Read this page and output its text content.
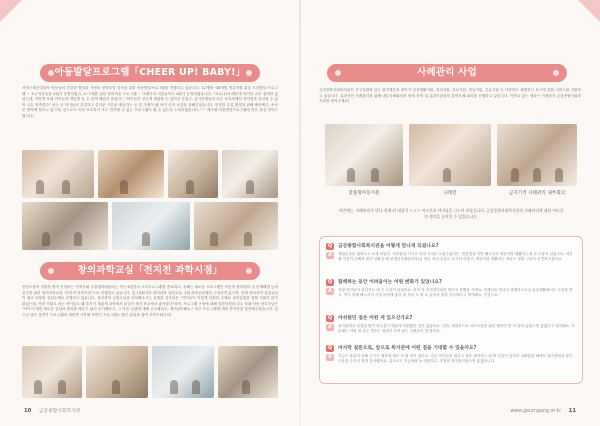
아동발달프로그램「CHEER UP! BABY!」
서비스제공대상자 아동들의 건강한 발달과 가정의 양육부담 감소를 위한 아동발달프로그램을 진행하고 있습니다. 12개월~36개월 영유아를 위한 오감발달 프로그램 ~ 소근육운동을 4회가 운영하였고, 4~7세를 위한 창의미술 프로그램 ~ 크레이티 미술놀이도 4회가 운영하였습니다. "코로나19 때문에 아이의 교우 집에만 있었는데, 이렇게 또래 아이들과 재밌게 놀 수 있게 해줘서 즐겁다", "아이들이 신나게 체험할 수 있어서 즐겁고, 감사선생님과 다른 보호자께서 육아법을 알려줄 수 있어 너무 만족한다" 라는 등 아이들의 건강하고 즐거운 시간을 제공하는 등 한 가정이 돼 아이 공작 소감을 전해주었습니다. 인천한 수업 환경을 위해 해운팩고, 소독 등 방역에 힘쓰고 있으며, 앞으로도 아동·보호자가 모두 만족할 수 있는 프로그램이 될 수 있도록 노력하겠습니다.^^ 계속될 아동발달프로그램에 많은 관심 부탁드립니다!
창의과학교실「전지전 과학시점」
종남도장의 지원을 받아 운영되는 지역사회 주말행복배움터는 지난 4년간의 오리프로그램을 종료하고, 올해는 새로운 프로그램인 아동의 창의력과 일 문제해결 능력 증진을 위한 창의과학교실 "전지적 과학시점"으로 진행하고 있습니다. 총 13회기의 창의과학 실험교실, 1회 과학공원체험 구성되어 있으며, 현재 창의과학 실험교실이 매주 다양한 실험주제로 진행되고 있습니다. 창의과학 실험교실을 강의해주시는 유명한 강사님은 "아이들이 이렇게 다양한 주제로 과학실험을 접할 기회가 많지 않았는데, 이런 기회로 처는 아이들도 왜 즐거기 재밌게 과학에서 관심이 생겨 학교에서 좋아한다"라며, 프로그램 구성에 대해 칭찬하셨습니다. 또래 아동 학부모님은 "아이가 매번 새로운 실험과 원리를 배우고 와서 신기해하고, 그 다음 실험에 대해 궁금해하고, 재미있어해요." 라고 프로그램에 대한 만족감을 말씀해주셨습니다. 앞으로 남은 상반기 프로그램과 새롭게 시작될 하반기 프로그램도 많은 관심과 참여 부탁드립니다!
10 금강종합사회복지관
사례관리 사업
금강종합사회복지관은 서구지회에 있는 취약계층을 찾아가 일상생활지원, 정서지원, 의료지원, 학습지원, 긴급지원 등 다양하고 체계적인 욕구에 맞춰 서비스를 지원하고 있습니다. 효과적인 사례관리를 위해 내부사례회의의 외에 지역 내 유관기관과의 통합사례 회의를 진행하고 있습니다. 이번호 있는 체육는 인례하지 금강종합사회복지관을 찾아주세요!
맞춤형아동지원	나래킨	금지기적 사례관리 내부회의
이번에는, 사례관리로 만나 함께 된 대상자 ㅇㅇㅇ 어르신과 어머님을 나누어 보았습니다. 금강종합사회복지관의 사례관리에 대한 어르신의 생각을 들어볼 수 있었습니다.
Q	금강종합사회복지관을 어떻게 만나게 되셨나요?
A	책림손자들 데려오고 오게 되었어. 어려움을 이사고 어려 가지로 도와주었거든. 합천맛을 기반 해주셔서 애들이랑 생활하는데 큰 도움이 되었고요. 자신 왜 건강이 나빠져 정신 상황일 때 선생님사례관리자)을 만나 처리 수술도 무사히 마쳤고, 애들이랑 생활하는 애들도 정말 그들이 신경써주셨어요.
Q	함께하는 동안 어려움이는 어떤 변화가 있었나요?
A	겨정 아이들이 살리기는 데 큰 도움이 되었어요. 아이 의 초지망이라면 바이지 못했을 거예요. 선생님들 만나서 경제적으로나 일상생활에서도 도움을 받고, 적극 함께 해주셔서 시절 마련에 좋지 잘 정리 도 할 수 있어서 정말 감사하다고 생각해요. 진심으로.
Q	아쉬웠던 점은 어떤 게 있으신가요?
A	복지관에서 신경을 많이 써주셨기 때문에 아쉬웠던 점은 없었어요. 다만, 사회적으로 저소득층을 위한 제목이 좀 더 많아 있었으면 좋겠다고 생각해요. 아무래도 저희 집 같은 경우는 형편이 되지 않는 지원들이 참 많아요.
Q	마지막 질문으로, 앞으로 복지관에 어떤 점을 기대할 수 있을까요?
A	지금도 충분히 잘해 주시기 때문에 계도 더 할 말이 없어요. 지금 아이들을 데리고 정을 예약하는 데 할 건강이 감자기 나빠졌을 때에도 복지관에서 많은 도움을 주셔서 정말 감사했어요. 앞으로도 지금처럼 늘 따뜻하고, 친절한 복지관이었으면 좋겠습니다.
www.geumgang.or.kr 11
